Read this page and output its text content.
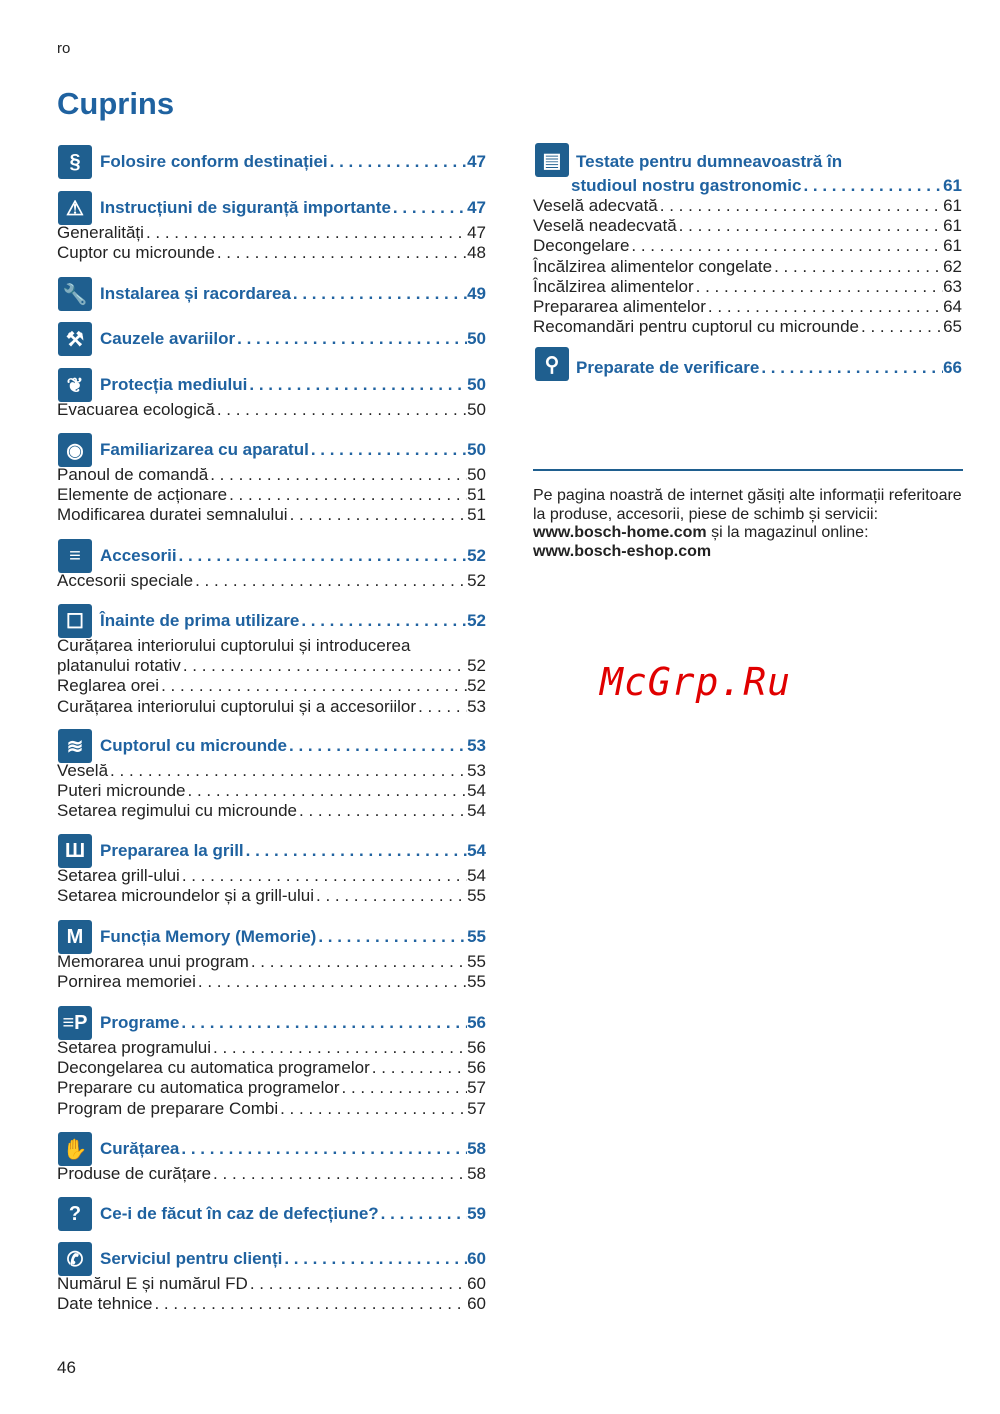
ro
Cuprins
Pe pagina noastră de internet găsiți alte informații referitoare la produse, accesorii, piese de schimb și servicii: www.bosch-home.com și la magazinul online: www.bosch-eshop.com
46
McGrp.Ru
§	Folosire conform destinației . . .	47
⚠ Instrucțiuni de siguranță importante . . .	47
Generalități . . .	47
Cuptor cu microunde . . .	48
🔧 Instalarea și racordarea . . .	49
⚒ Cauzele avariilor . . .	50
❦ Protecția mediului . . .	50
Evacuarea ecologică . . .	50
◉ Familiarizarea cu aparatul . . .	50
Panoul de comandă . . .	50
Elemente de acționare . . .	51
Modificarea duratei semnalului . . .	51
≡	Accesorii . . .	52
Accesorii speciale . . .	52
☐ Înainte de prima utilizare . . .	52
Curățarea interiorului cuptorului și introducerea
platanului rotativ . . .	52
Reglarea orei . . .	52
Curățarea interiorului cuptorului și a accesoriilor . . .	53
≋ Cuptorul cu microunde . . .	53
Veselă . . .	53
Puteri microunde . . .	54
Setarea regimului cu microunde . . .	54
Ш Prepararea la grill . . .	54
Setarea grill-ului . . .	54
Setarea microundelor și a grill-ului . . .	55
M Funcția Memory (Memorie) . . .	55
Memorarea unui program . . .	55
Pornirea memoriei . . .	55
≡P Programe . . .	56
Setarea programului . . .	56
Decongelarea cu automatica programelor . . .	56
Preparare cu automatica programelor . . .	57
Program de preparare Combi . . .	57
✋ Curățarea . . .	58
Produse de curățare . . .	58
?	Ce-i de făcut în caz de defecțiune? . . .	59
✆ Serviciul pentru clienți . . .	60
Numărul E și numărul FD . . .	60
Date tehnice . . .	60
▤ Testate pentru dumneavoastră în
studioul nostru gastronomic . . .	61
Veselă adecvată . . .	61
Veselă neadecvată . . .	61
Decongelare . . .	61
Încălzirea alimentelor congelate . . .	62
Încălzirea alimentelor . . .	63
Prepararea alimentelor . . .	64
Recomandări pentru cuptorul cu microunde . . .	65
⚲ Preparate de verificare . . .	66
